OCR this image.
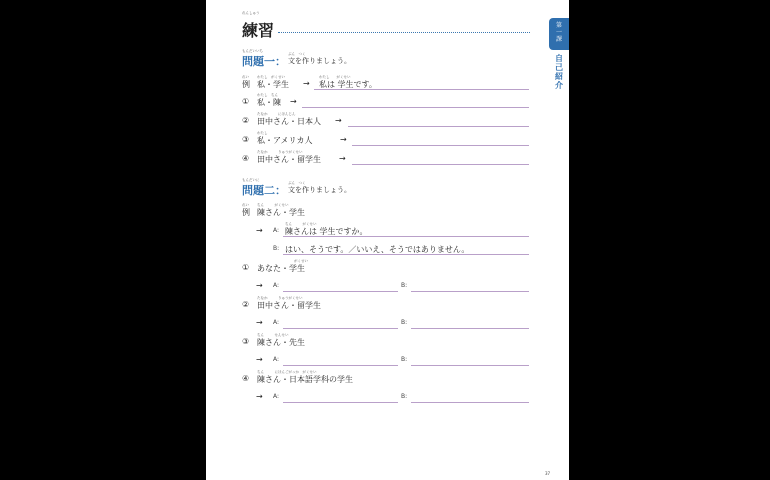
れんしゅう
練習	第
一
課
自
己
紹
介
もんだいいち
問題一：
ぶん　つく
文を作りましょう。
れい
例
わたし　がくせい
私・学生 →
わたし　　がくせい
私は 学生です。
わたし　ちん
① 私・陳 →
たなか　　　にほんじん
② 田中さん・日本人 →
わたし
③ 私・アメリカ人	→
たなか　　　りゅうがくせい
④ 田中さん・留学生 →
もんだいに
問題二：
ぶん　つく
文を作りましょう。
れい
例
ちん　　　がくせい
陳さん・学生
→ A:
ちん　　　がくせい
陳さんは 学生ですか。
B: はい、そうです。／いいえ、そうではありません。
がくせい
① あなた・学生
→ A:	B:
たなか　　　りゅうがくせい
② 田中さん・留学生
→ A:	B:
ちん　　　せんせい
③ 陳さん・先生
→ A:	B:
ちん　　　にほんごがっか　がくせい
④ 陳さん・日本語学科の学生
→ A:	B:
37
